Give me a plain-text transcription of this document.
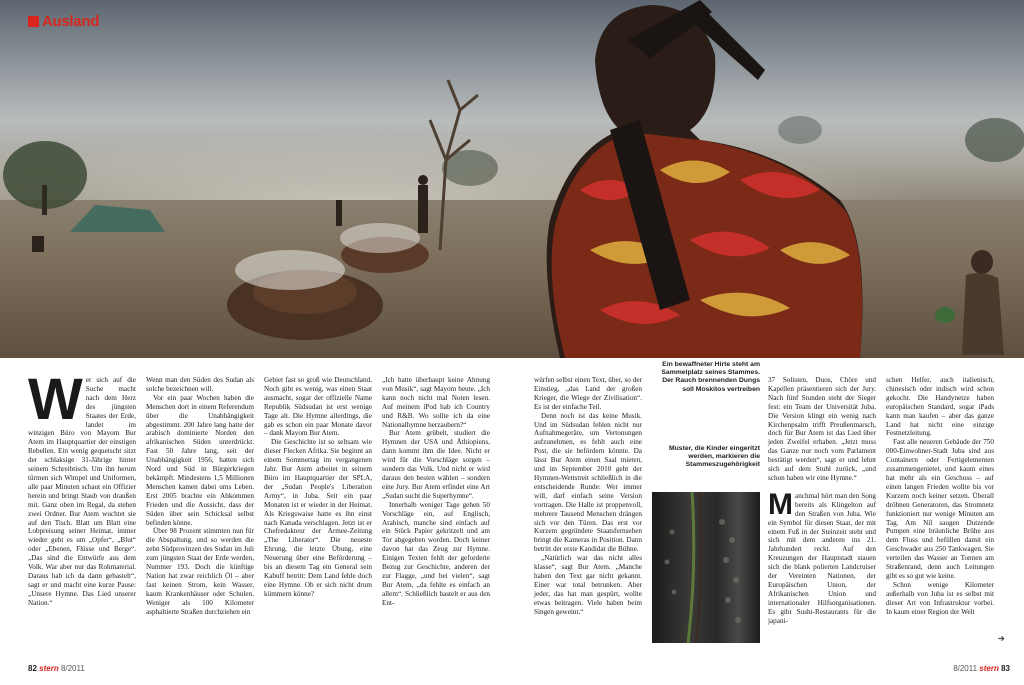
Ausland
W er sich auf die Suche macht nach dem Herz des jüngsten Staates der Erde, landet im winzigen Büro von Mayom Bur Atem im Hauptquartier der einstigen Rebellen. Ein wenig gequetscht sitzt der schlaksige 31-Jährige hinter seinem Schreibtisch. Um ihn herum türmen sich Wimpel und Uniformen, alle paar Minuten schaut ein Offizier herein und bringt Staub von draußen mit. Ganz oben im Regal, da stehen zwei Ordner. Bur Atem wuchtet sie auf den Tisch. Blatt um Blatt eine Lobpreisung seiner Heimat, immer wieder geht es um „Opfer“, „Blut“ oder „Ebenen, Flüsse und Berge“. „Das sind die Entwürfe aus dem Volk. War aber nur das Rohmaterial. Daraus hab ich da dann gebastelt“, sagt er und macht eine kurze Pause: „Unsere Hymne. Das Lied unserer Nation.“

Wenn man den Süden des Sudan als solche bezeichnen will.

Vor ein paar Wochen haben die Menschen dort in einem Referendum über die Unabhängigkeit abgestimmt. 200 Jahre lang hatte der arabisch dominierte Norden den afrikanischen Süden unterdrückt. Fast 50 Jahre lang, seit der Unabhängigkeit 1956, hatten sich Nord und Süd in Bürgerkriegen bekämpft. Mindestens 1,5 Millionen Menschen kamen dabei ums Leben. Erst 2005 brachte ein Abkommen Frieden und die Aussicht, dass der Süden über sein Schicksal selbst befinden könne.

Über 98 Prozent stimmten nun für die Abspaltung, und so werden die zehn Südprovinzen des Sudan im Juli zum jüngsten Staat der Erde werden, Nummer 193. Doch die künftige Nation hat zwar reichlich Öl – aber fast keinen Strom, kein Wasser, kaum Krankenhäuser oder Schulen. Weniger als 100 Kilometer asphaltierte Straßen durchziehen ein

Gebiet fast so groß wie Deutschland. Noch gibt es wenig, was einen Staat ausmacht, sogar der offizielle Name Republik Südsudan ist erst wenige Tage alt. Die Hymne allerdings, die gab es schon ein paar Monate davor – dank Mayom Bur Atem.

Die Geschichte ist so seltsam wie dieser Flecken Afrika. Sie beginnt an einem Sommertag im vergangenen Jahr. Bur Atem arbeitet in seinem Büro im Hauptquartier der SPLA, der „Sudan People's Liberation Army“, in Juba. Seit ein paar Monaten ist er wieder in der Heimat. Als Kriegswaise hatte es ihn einst nach Kanada verschlagen. Jetzt ist er Chefredakteur der Armee-Zeitung „The Liberator“. Die neueste Ehrung, die letzte Übung, eine Neuerung über eine Beförderung – bis an diesem Tag ein General sein Kabuff betritt: Dem Land fehle doch eine Hymne. Ob er sich nicht drum kümmern könne?

„Ich hatte überhaupt keine Ahnung von Musik“, sagt Mayom heute. „Ich kann noch nicht mal Noten lesen. Auf meinem iPod hab ich Country und R&B. Wo sollte ich da eine Nationalhymne herzaubern?“

Bur Atem grübelt, studiert die Hymnen der USA und Äthiopiens, dann kommt ihm die Idee. Nicht er wird für die Vorschläge sorgen – sondern das Volk. Und nicht er wird daraus den besten wählen – sondern eine Jury. Bur Atem erfindet eine Art „Sudan sucht die Superhymne“.

Innerhalb weniger Tage gehen 50 Vorschläge ein, auf Englisch, Arabisch, manche sind einfach auf ein Stück Papier gekritzelt und am Tor abgegeben worden. Doch keiner davon hat das Zeug zur Hymne. Einigen Texten fehlt der geforderte Bezug zur Geschichte, anderen der zur Flagge, „und bei vielen“, sagt Bur Atem, „da fehlte es einfach an allem“. Schließlich bastelt er aus den Ent-

würfen selbst einen Text, über, so der Einstieg, „das Land der großen Krieger, die Wiege der Zivilisation“. Es ist der einfache Teil.

Denn noch ist das keine Musik. Und im Südsudan fehlen nicht nur Aufnahmegeräte, um Vertonungen aufzunehmen, es fehlt auch eine Post, die sie befördern könnte. Da lässt Bur Atem einen Saal mieten, und im September 2010 geht der Hymnen-Wettstreit schließlich in die entscheidende Runde: Wer immer will, darf einfach seine Version vortragen. Die Halle ist proppenvoll, mehrere Tausend Menschen drängen sich vor den Türen. Das erst vor Kurzem gegründete Staatsfernsehen bringt die Kameras in Position. Dann betritt der erste Kandidat die Bühne.

„Natürlich war das nicht alles klasse“, sagt Bur Atem. „Manche haben den Text gar nicht gekannt. Einer war total betrunken. Aber jeder, das hat man gespürt, wollte etwas beitragen. Viele haben beim Singen geweint.“

Ein bewaffneter Hirte steht am Sammelplatz seines Stammes. Der Rauch brennenden Dungs soll Moskitos vertreiben
Muster, die Kinder eingeritzt werden, markieren die Stammeszugehörigkeit

37 Solisten, Duos, Chöre und Kapellen präsentieren sich der Jury. Nach fünf Stunden steht der Sieger fest: ein Team der Universität Juba. Die Version klingt ein wenig nach Kirchenpsalm trifft Preußenmarsch, doch für Bur Atem ist das Lied über jeden Zweifel erhaben. „Jetzt muss das Ganze nur noch vom Parlament bestätigt werden“, sagt er und lehnt sich auf dem Stuhl zurück, „und schon haben wir eine Hymne.“

M anchmal hört man den Song bereits als Klingelton auf den Straßen von Juba. Wie ein Symbol für diesen Staat, der mit einem Fuß in der Steinzeit steht und sich mit dem anderen ins 21. Jahrhundert reckt. Auf den Kreuzungen der Hauptstadt stauen sich die blank polierten Landcruiser der Vereinten Nationen, der Europäischen Union, der Afrikanischen Union und internationaler Hilfsorganisationen. Es gibt Sushi-Restaurants für die japani-

schen Helfer, auch italienisch, chinesisch oder indisch wird schon gekocht. Die Handynetze haben europäischen Standard, sogar iPads kann man kaufen – aber das ganze Land hat nicht eine einzige Festnetzleitung.

Fast alle neueren Gebäude der 750 000-Einwohner-Stadt Juba sind aus Containern oder Fertigelementen zusammengenietet, und kaum eines hat mehr als ein Geschoss – auf einen langen Frieden wollte bis vor Kurzem noch keiner setzen. Überall dröhnen Generatoren, das Stromnetz funktioniert nur wenige Minuten am Tag. Am Nil saugen Dutzende Pumpen eine bräunliche Brühe aus dem Fluss und befüllen damit ein Geschwader aus 250 Tankwagen. Sie verteilen das Wasser an Tonnen am Straßenrand, denn auch Leitungen gibt es so gut wie keine.

Schon wenige Kilometer außerhalb von Juba ist es selbst mit dieser Art von Infrastruktur vorbei. In kaum einer Region der Welt

82 stern 8/2011	8/2011 stern 83
➔
